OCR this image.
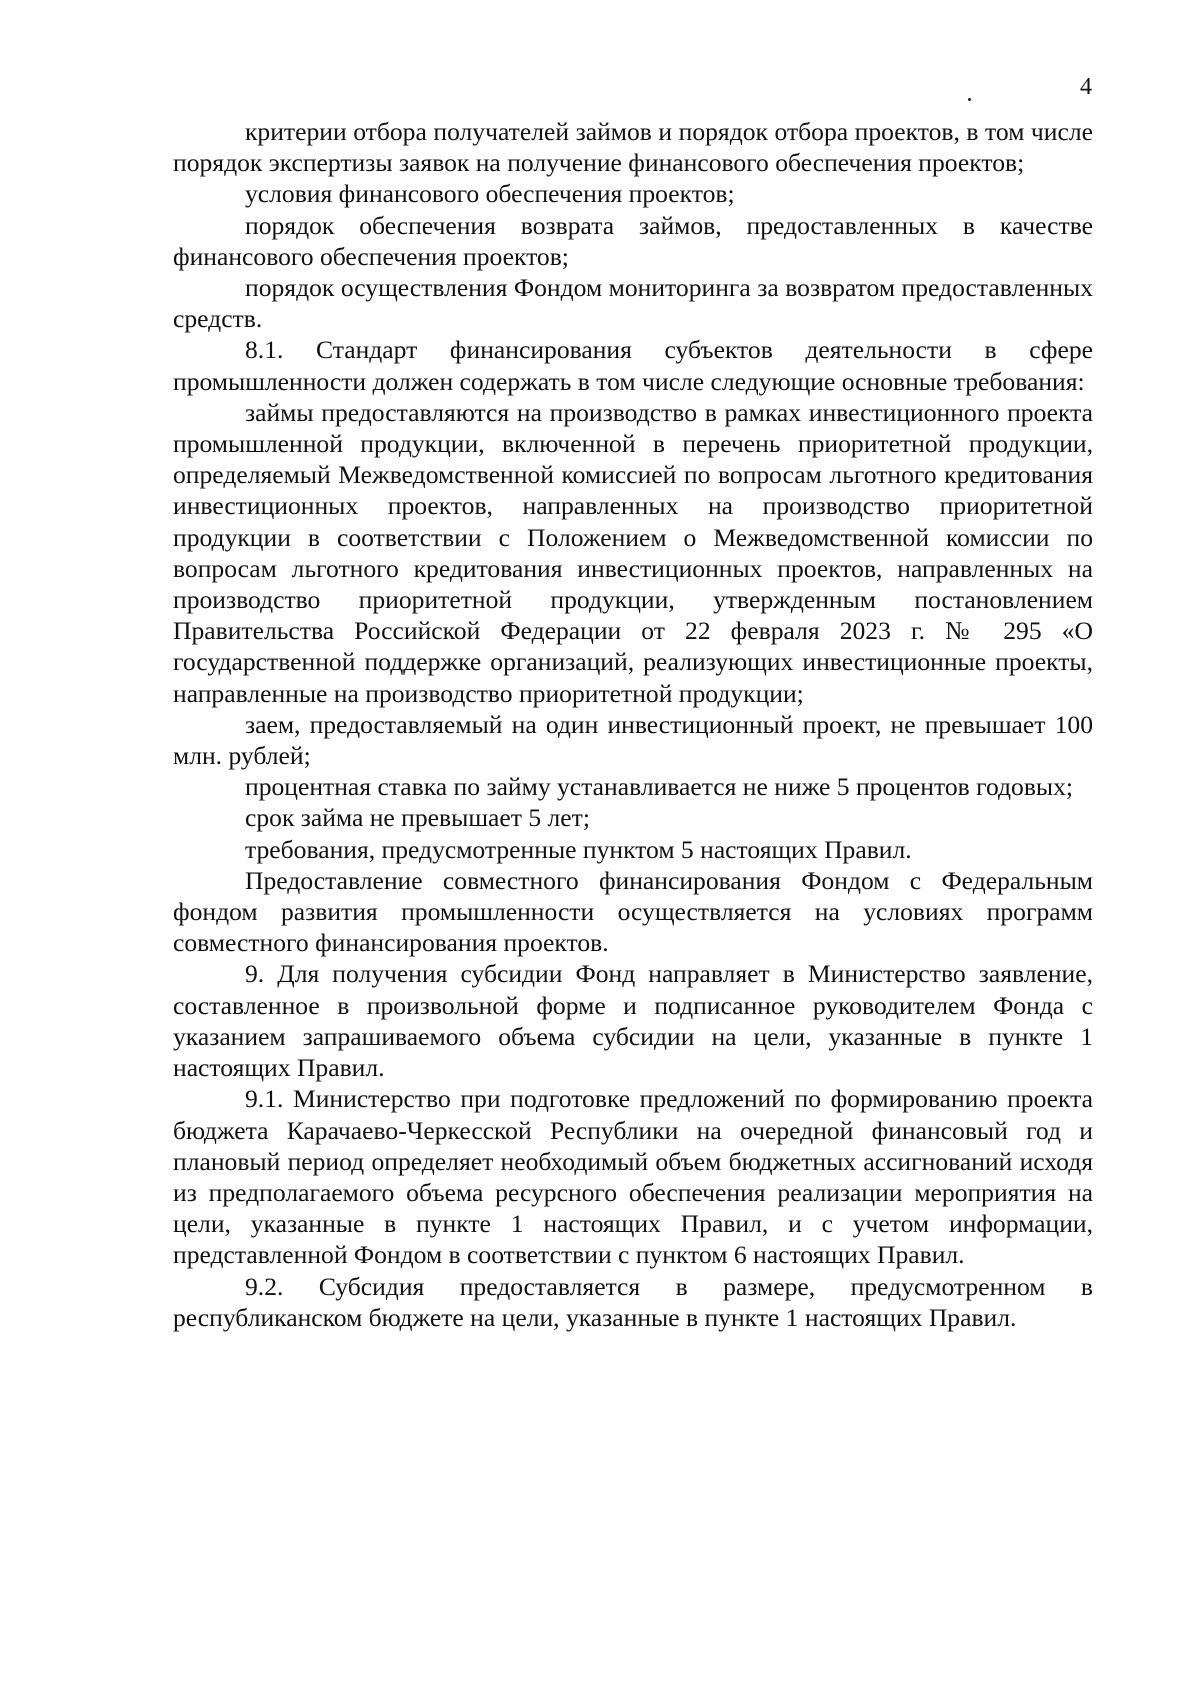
4

критерии отбора получателей займов и порядок отбора проектов, в том числе порядок экспертизы заявок на получение финансового обеспечения проектов;

условия финансового обеспечения проектов;

порядок обеспечения возврата займов, предоставленных в качестве финансового обеспечения проектов;

порядок осуществления Фондом мониторинга за возвратом предоставленных средств.

8.1. Стандарт финансирования субъектов деятельности в сфере промышленности должен содержать в том числе следующие основные требования:

займы предоставляются на производство в рамках инвестиционного проекта промышленной продукции, включенной в перечень приоритетной продукции, определяемый Межведомственной комиссией по вопросам льготного кредитования инвестиционных проектов, направленных на производство приоритетной продукции в соответствии с Положением о Межведомственной комиссии по вопросам льготного кредитования инвестиционных проектов, направленных на производство приоритетной продукции, утвержденным постановлением Правительства Российской Федерации от 22 февраля 2023 г. № 295 «О государственной поддержке организаций, реализующих инвестиционные проекты, направленные на производство приоритетной продукции;

заем, предоставляемый на один инвестиционный проект, не превышает 100 млн. рублей;

процентная ставка по займу устанавливается не ниже 5 процентов годовых;

срок займа не превышает 5 лет;

требования, предусмотренные пунктом 5 настоящих Правил.

Предоставление совместного финансирования Фондом с Федеральным фондом развития промышленности осуществляется на условиях программ совместного финансирования проектов.

9. Для получения субсидии Фонд направляет в Министерство заявление, составленное в произвольной форме и подписанное руководителем Фонда с указанием запрашиваемого объема субсидии на цели, указанные в пункте 1 настоящих Правил.

9.1. Министерство при подготовке предложений по формированию проекта бюджета Карачаево-Черкесской Республики на очередной финансовый год и плановый период определяет необходимый объем бюджетных ассигнований исходя из предполагаемого объема ресурсного обеспечения реализации мероприятия на цели, указанные в пункте 1 настоящих Правил, и с учетом информации, представленной Фондом в соответствии с пунктом 6 настоящих Правил.

9.2. Субсидия предоставляется в размере, предусмотренном в республиканском бюджете на цели, указанные в пункте 1 настоящих Правил.
